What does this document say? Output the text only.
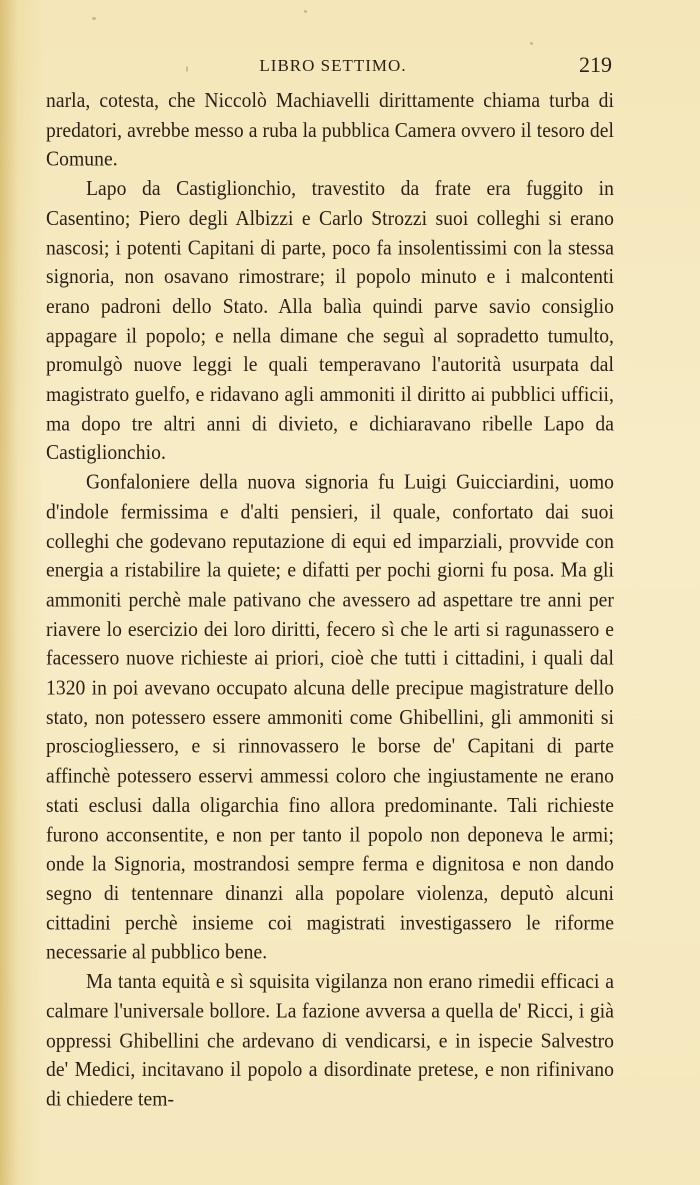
LIBRO SETTIMO.	219

narla, cotesta, che Niccolò Machiavelli dirittamente chiama turba di predatori, avrebbe messo a ruba la pubblica Camera ovvero il tesoro del Comune.

Lapo da Castiglionchio, travestito da frate era fuggito in Casentino; Piero degli Albizzi e Carlo Strozzi suoi colleghi si erano nascosi; i potenti Capitani di parte, poco fa insolentissimi con la stessa signoria, non osavano rimostrare; il popolo minuto e i malcontenti erano padroni dello Stato. Alla balìa quindi parve savio consiglio appagare il popolo; e nella dimane che seguì al sopradetto tumulto, promulgò nuove leggi le quali temperavano l'autorità usurpata dal magistrato guelfo, e ridavano agli ammoniti il diritto ai pubblici ufficii, ma dopo tre altri anni di divieto, e dichiaravano ribelle Lapo da Castiglionchio.

Gonfaloniere della nuova signoria fu Luigi Guicciardini, uomo d'indole fermissima e d'alti pensieri, il quale, confortato dai suoi colleghi che godevano reputazione di equi ed imparziali, provvide con energia a ristabilire la quiete; e difatti per pochi giorni fu posa. Ma gli ammoniti perchè male pativano che avessero ad aspettare tre anni per riavere lo esercizio dei loro diritti, fecero sì che le arti si ragunassero e facessero nuove richieste ai priori, cioè che tutti i cittadini, i quali dal 1320 in poi avevano occupato alcuna delle precipue magistrature dello stato, non potessero essere ammoniti come Ghibellini, gli ammoniti si prosciogliessero, e si rinnovassero le borse de' Capitani di parte affinchè potessero esservi ammessi coloro che ingiustamente ne erano stati esclusi dalla oligarchia fino allora predominante. Tali richieste furono acconsentite, e non per tanto il popolo non deponeva le armi; onde la Signoria, mostrandosi sempre ferma e dignitosa e non dando segno di tentennare dinanzi alla popolare violenza, deputò alcuni cittadini perchè insieme coi magistrati investigassero le riforme necessarie al pubblico bene.

Ma tanta equità e sì squisita vigilanza non erano rimedii efficaci a calmare l'universale bollore. La fazione avversa a quella de' Ricci, i già oppressi Ghibellini che ardevano di vendicarsi, e in ispecie Salvestro de' Medici, incitavano il popolo a disordinate pretese, e non rifinivano di chiedere tem-
